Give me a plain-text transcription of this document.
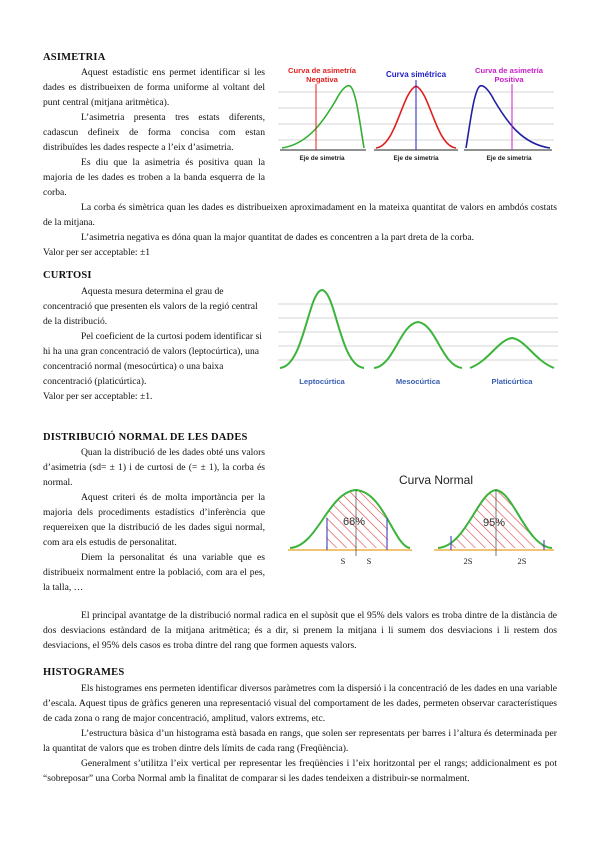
ASIMETRIA

Aquest estadístic ens permet identificar si les dades es distribueixen de forma uniforme al voltant del punt central (mitjana aritmètica).

L’asimetria presenta tres estats diferents, cadascun defineix de forma concisa com estan distribuïdes les dades respecte a l’eix d’asimetria.

Es diu que la asimetria és positiva quan la majoria de les dades es troben a la banda esquerra de la corba.

Curva de asimetría
Negativa
Curva simétrica	Curva de asimetría
Positiva
Eje de simetría	Eje de simetría	Eje de simetría

La corba és simètrica quan les dades es distribueixen aproximadament en la mateixa quantitat de valors en ambdós costats de la mitjana.

L’asimetria negativa es dóna quan la major quantitat de dades es concentren a la part dreta de la corba.

Valor per ser acceptable: ±1

CURTOSI

Aquesta mesura determina el grau de concentració que presenten els valors de la regió central de la distribució.

Pel coeficient de la curtosi podem identificar si hi ha una gran concentració de valors (leptocúrtica), una concentració normal (mesocúrtica) o una baixa concentració (platicúrtica).

Valor per ser acceptable: ±1.

Leptocúrtica	Mesocúrtica	Platicúrtica
DISTRIBUCIÓ NORMAL DE LES DADES

Quan la distribució de les dades obté uns valors d’asimetria (sd= ± 1) i de curtosi de (= ± 1), la corba és normal.

Aquest criteri és de molta importància per la majoria dels procediments estadístics d’inferència que requereixen que la distribució de les dades sigui normal, com ara els estudis de personalitat.

Diem la personalitat és una variable que es distribueix normalment entre la població, com ara el pes, la talla, …

Curva Normal
68%
S	S
95%
2S	2S

El principal avantatge de la distribució normal radica en el supòsit que el 95% dels valors es troba dintre de la distància de dos desviacions estàndard de la mitjana aritmètica; és a dir, si prenem la mitjana i li sumem dos desviacions i li restem dos desviacions, el 95% dels casos es troba dintre del rang que formen aquests valors.

HISTOGRAMES

Els histogrames ens permeten identificar diversos paràmetres com la dispersió i la concentració de les dades en una variable d’escala. Aquest tipus de gràfics generen una representació visual del comportament de les dades, permeten observar característiques de cada zona o rang de major concentració, amplitud, valors extrems, etc.

L’estructura bàsica d’un histograma està basada en rangs, que solen ser representats per barres i l’altura és determinada per la quantitat de valors que es troben dintre dels límits de cada rang (Freqüència).

Generalment s’utilitza l’eix vertical per representar les freqüències i l’eix horitzontal per el rangs; addicionalment es pot “sobreposar” una Corba Normal amb la finalitat de comparar si les dades tendeixen a distribuir-se normalment.
